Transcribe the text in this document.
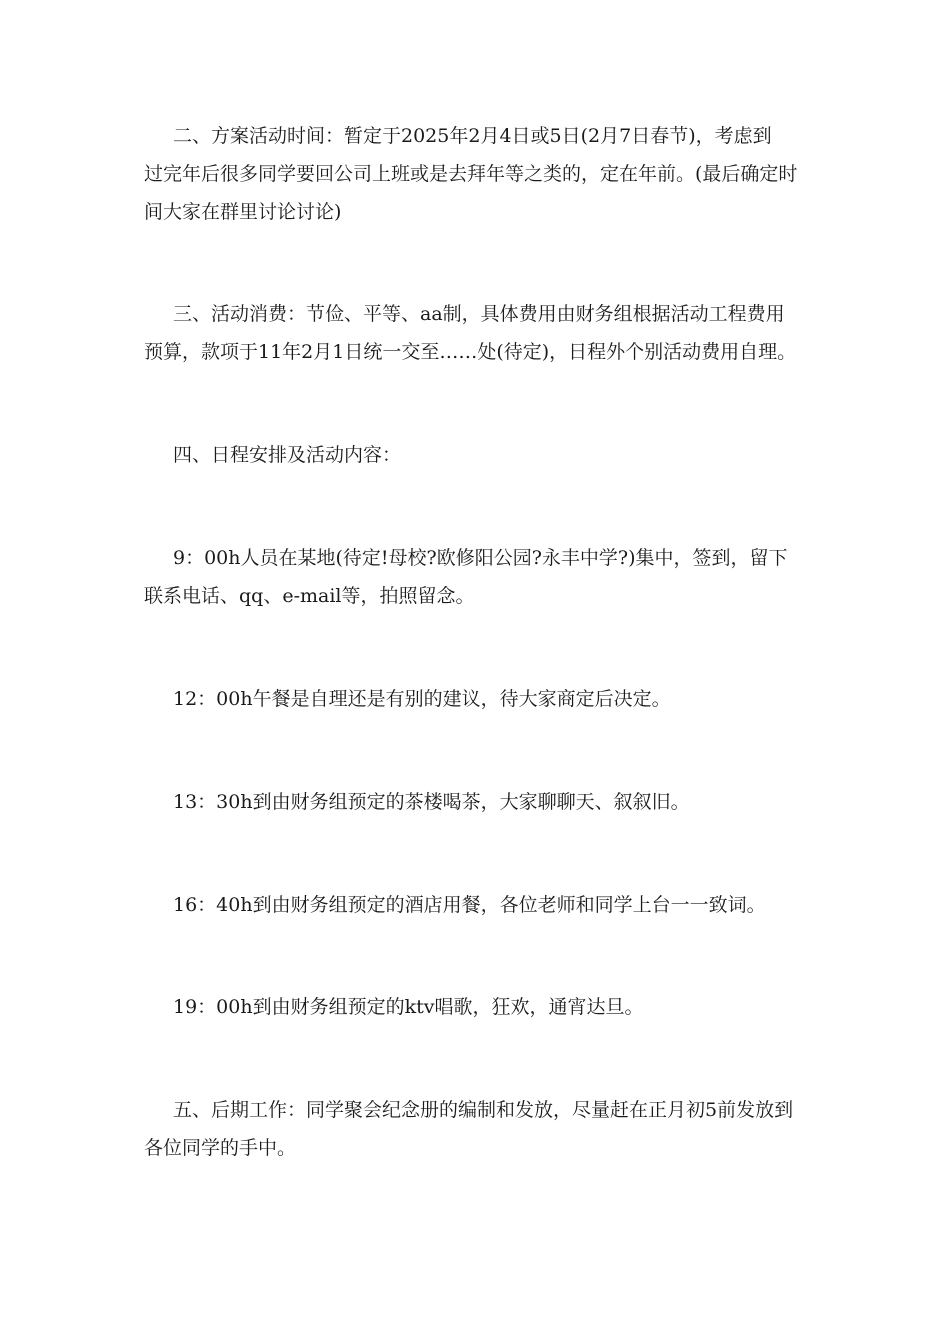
二、方案活动时间：暂定于2025年2月4日或5日(2月7日春节)，考虑到
过完年后很多同学要回公司上班或是去拜年等之类的，定在年前。(最后确定时
间大家在群里讨论讨论)

三、活动消费：节俭、平等、aa制，具体费用由财务组根据活动工程费用
预算，款项于11年2月1日统一交至……处(待定)，日程外个别活动费用自理。

四、日程安排及活动内容：

9：00h人员在某地(待定!母校?欧修阳公园?永丰中学?)集中，签到，留下
联系电话、qq、e-mail等，拍照留念。

12：00h午餐是自理还是有别的建议，待大家商定后决定。

13：30h到由财务组预定的茶楼喝茶，大家聊聊天、叙叙旧。

16：40h到由财务组预定的酒店用餐，各位老师和同学上台一一致词。

19：00h到由财务组预定的ktv唱歌，狂欢，通宵达旦。

五、后期工作：同学聚会纪念册的编制和发放，尽量赶在正月初5前发放到
各位同学的手中。
